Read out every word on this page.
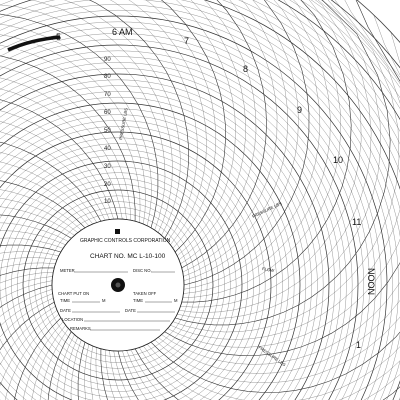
5	6 AM
7
8
9
10
11
NOON
1
10
20
30
40
50
60
70
80
90
PRESSURE LBS
PRESSURE LBS
FLOW
PRESSURE LBS
GRAPHIC CONTROLS CORPORATION
CHART NO. MC L-10-100
METER	DISC NO.
CHART PUT ON	TAKEN OFF
TIME	M	TIME	M
DATE	DATE
LOCATION
REMARKS
